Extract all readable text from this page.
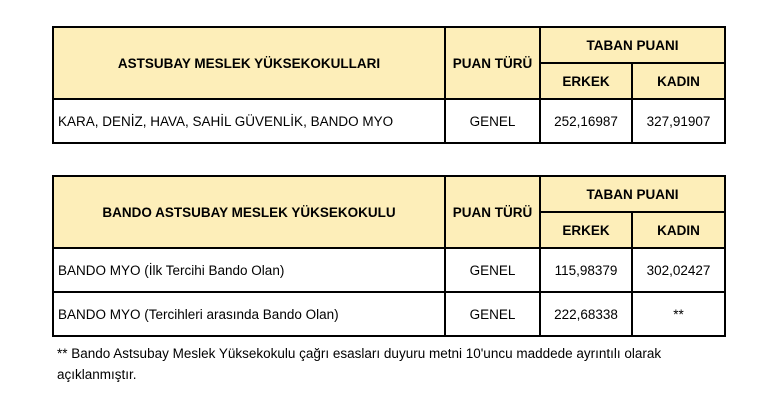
ASTSUBAY MESLEK YÜKSEKOKULLARI	PUAN TÜRÜ	TABAN PUANI	
		ERKEK	KADIN
KARA, DENİZ, HAVA, SAHİL GÜVENLİK, BANDO MYO	GENEL	252,16987	327,91907
BANDO ASTSUBAY MESLEK YÜKSEKOKULU	PUAN TÜRÜ	TABAN PUANI	
		ERKEK	KADIN
BANDO MYO (İlk Tercihi Bando Olan)	GENEL	115,98379	302,02427
BANDO MYO (Tercihleri arasında Bando Olan)	GENEL	222,68338	**
** Bando Astsubay Meslek Yüksekokulu çağrı esasları duyuru metni 10'uncu maddede ayrıntılı olarak açıklanmıştır.
